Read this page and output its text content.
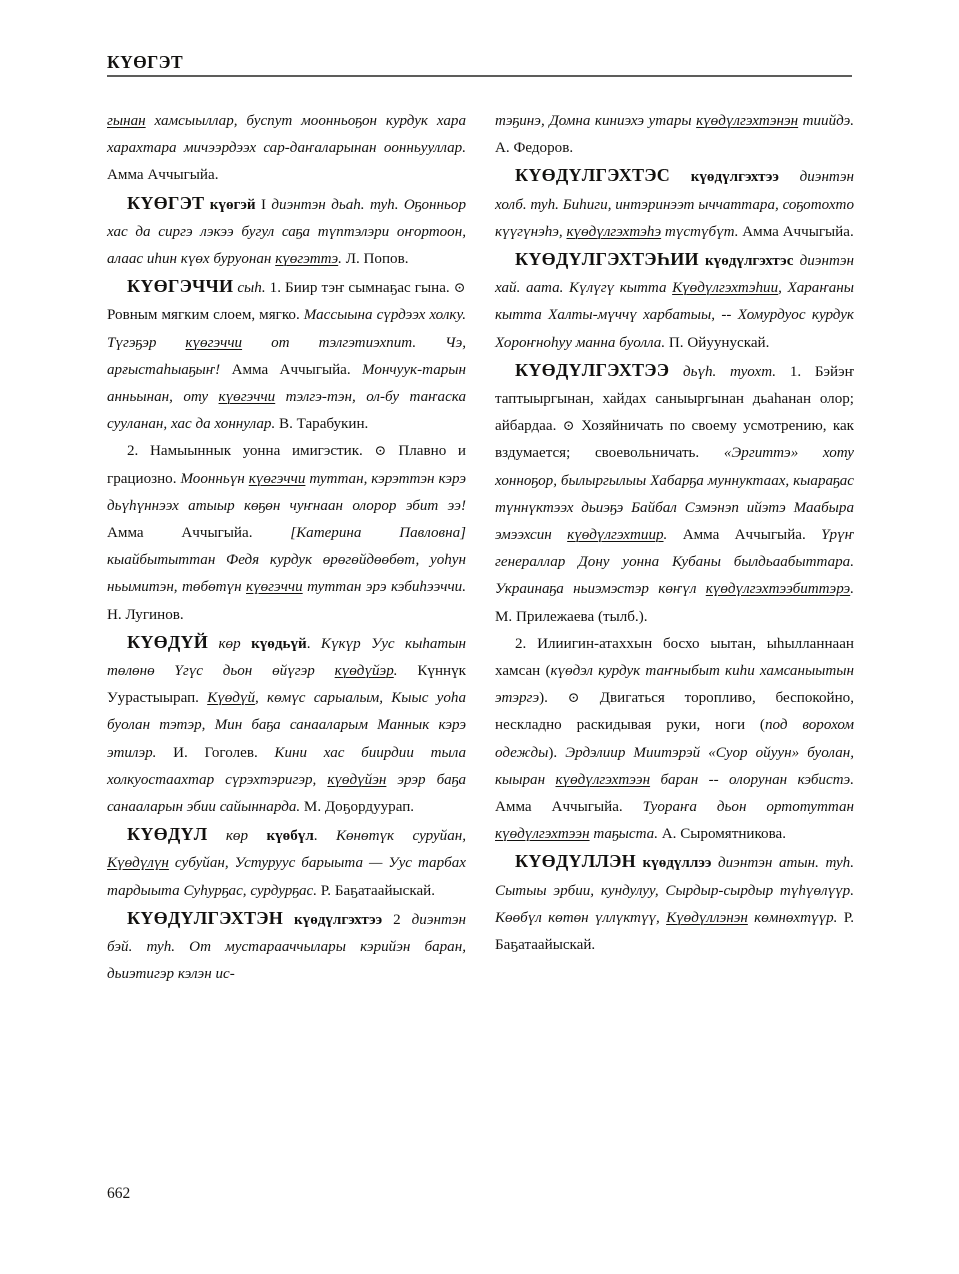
КҮӨГЭТ

гынан хамсыыллар, буспут моонньоҕон курдук хара харахтара мичээрдээх сар-даҥаларынан оонньууллар. Амма Аччыгыйа.

КҮӨГЭТ күөгэй I диэнтэн дьаһ. туһ. Оҕонньор хас да сиргэ лэкээ бугул саҕа түптэлэри оҥортоон, алаас иһин күөх буруонан күөгэттэ. Л. Попов.

КҮӨГЭЧЧИ сыһ. 1. Биир тэҥ сымнаҕас гына. ⊙ Ровным мягким слоем, мягко. Массыына сүрдээх холку. Түгэҕэр күөгэччи от тэлгэтиэхпит. Чэ, арғыстаһыаҕыҥ! Амма Аччыгыйа. Мончуук-тарын анньынан, оту күөгэччи тэлгэ-тэн, ол-бу таҥаска сууланан, хас да хоннулар. В. Тарабукин.

2. Намыыннык уонна имигэстик. ⊙ Плавно и грациозно. Моонньүн күөгэччи туттан, кэрэттэн кэрэ дьүһүннээх атыыр көҕөн чуҥнаан олорор эбит ээ! Амма Аччыгыйа. [Катерина Павловна] кыайбытыттан Федя курдук өрөгөйдөөбөт, уоһун ньымитэн, төбөтүн күөгэччи туттан эрэ кэбиһээччи. Н. Лугинов.

КҮӨДҮЙ көр күөдьүй. Күкүр Ууc кыһатын төлөнө Үгүс дьон өйүгэр күөдүйэр. Күннүк Уурастыырап. Күөдүй, көмүс сарыалым, Кыыс уоһа буолан тэтэр, Мин баҕа санааларым Маннык кэрэ этилэр. И. Гоголев. Кини хас биирдии тыла холкуостаахтар сүрэхтэригэр, күөдүйэн эрэр баҕа санааларын эбии сайыннарда. М. Доҕордуурап.

КҮӨДҮЛ көр күөбүл. Көнөтүк суруйан, Күөдүлүн субуйан, Устуруус барыыта — Ууc тарбах тардыыта Суһурҕас, сурдурҕас. Р. Баҕатаайыскай.

КҮӨДҮЛГЭХТЭН күөдүлгэхтээ 2 диэнтэн бэй. туһ. От мустарааччылары кэрийэн баран, дьиэтигэр кэлэн ис-

тэҕинэ, Домна киниэхэ утары күөдүлгэхтэнэн тиийдэ. А. Федоров.

КҮӨДҮЛГЭХТЭС күөдүлгэхтээ диэнтэн холб. туһ. Биһиги, интэринээт ыччаттара, соҕотохто күүгүнэһэ, күөдүлгэхтэһэ түстүбүт. Амма Аччыгыйа.

КҮӨДҮЛГЭХТЭҺИИ күөдүлгэхтэс диэнтэн хай. аата. Күлүгү кытта Күөдүлгэхтэһии, Хараҥаны кытта Халты-мүччү харбатыы, -- Хомурдуос курдук Хороҥноһуу манна буолла. П. Ойуунускай.

КҮӨДҮЛГЭХТЭЭ дьүһ. туохт. 1. Бэйэҥ таптыыргынан, хайдах саныыргынан дьаһанан олор; айбардаа. ⊙ Хозяйничать по своему усмотрению, как вздумается; своевольничать. «Эргиттэ» хоту хонноҕор, былыргылыы Хабарҕа муннуктаах, кыараҕас түннүктээх дьиэҕэ Байбал Сэмэнэп ийэтэ Маабыра эмээхсин күөдүлгэхтиир. Амма Аччыгыйа. Үрүҥ генераллар Дону уонна Кубаны былдьаабыттара. Украинаҕа ньиэмэстэр көҥүл күөдүлгэхтээбиттэрэ. М. Прилежаева (тылб.).

2. Илиигин-атаххын босхо ыытан, ыһылланнаан хамсан (күөдэл курдук таҥныбыт киһи хамсаныытын этэргэ). ⊙ Двигаться торопливо, беспокойно, нескладно раскидывая руки, ноги (под ворохом одежды). Эрдэлиир Миитэрэй «Суор ойуун» буолан, кыыран күөдүлгэхтээн баран -- олорунан кэбистэ. Амма Аччыгыйа. Туораҥа дьон ортотуттан күөдүлгэхтээн таҕыста. А. Сыромятникова.

КҮӨДҮЛЛЭН күөдүллээ диэнтэн атын. туһ. Сытыы эрбии, кундулуу, Сырдыр-сырдыр түһүөлүүр. Көөбүл көтөн үллүктүү, Күөдүллэнэн көмнөхтүүр. Р. Баҕатаайыскай.

662
